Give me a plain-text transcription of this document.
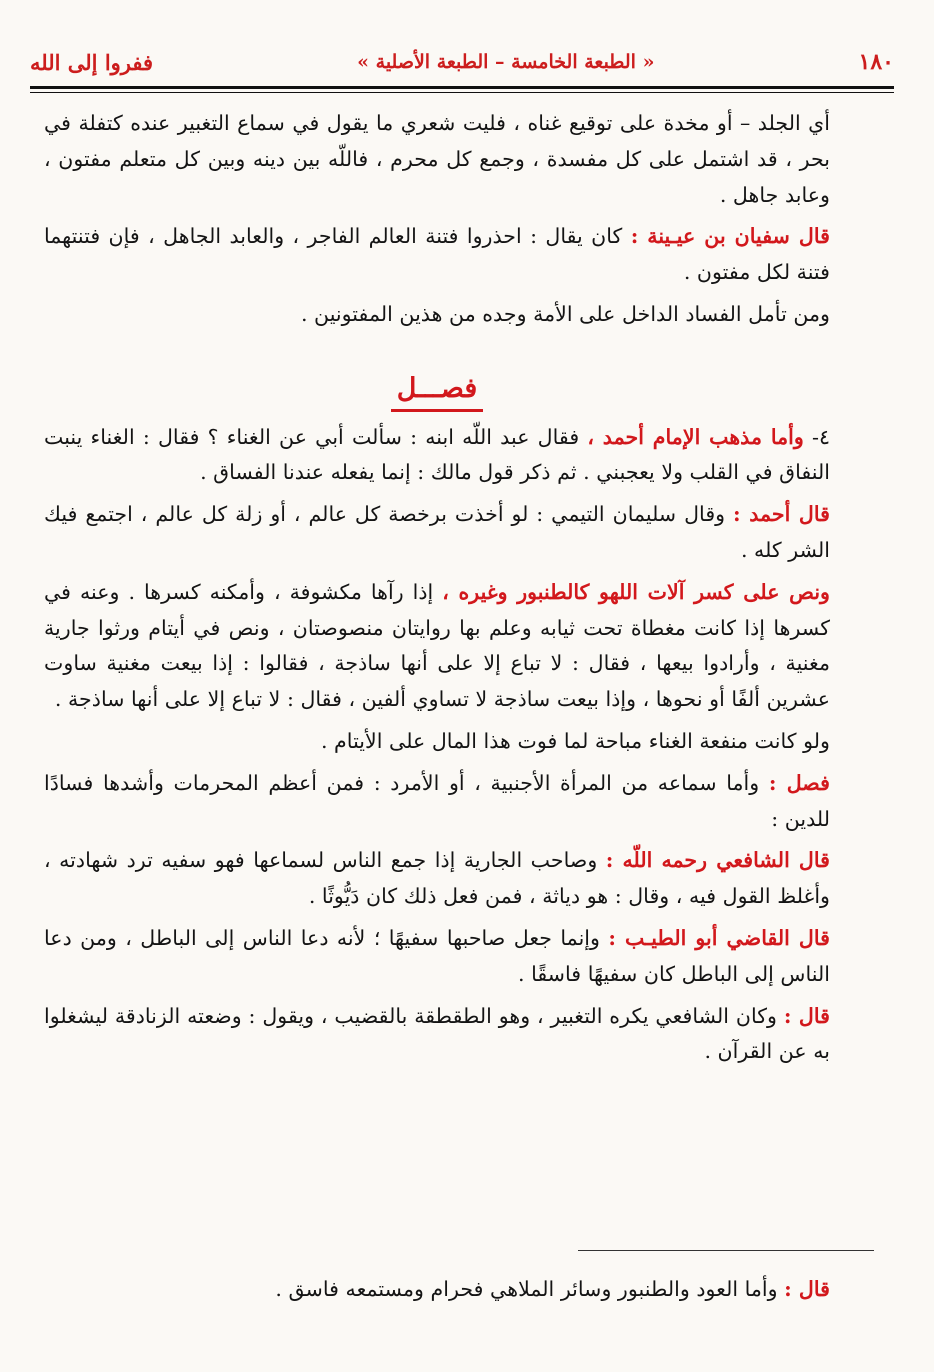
١٨٠
« الطبعة الخامسة – الطبعة الأصلية »
ففروا إلى الله

أي الجلد – أو مخدة على توقيع غناه ، فليت شعري ما يقول في سماع التغبير عنده كتفلة في بحر ، قد اشتمل على كل مفسدة ، وجمع كل محرم ، فاللّه بين دينه وبين كل متعلم مفتون ، وعابد جاهل .

قال سفيان بن عيـينة : كان يقال : احذروا فتنة العالم الفاجر ، والعابد الجاهل ، فإن فتنتهما فتنة لكل مفتون .

ومن تأمل الفساد الداخل على الأمة وجده من هذين المفتونين .

فصـــل

٤- وأما مذهب الإمام أحمد ، فقال عبد اللّه ابنه : سألت أبي عن الغناء ؟ فقال : الغناء ينبت النفاق في القلب ولا يعجبني . ثم ذكر قول مالك : إنما يفعله عندنا الفساق .

قال أحمد : وقال سليمان التيمي : لو أخذت برخصة كل عالم ، أو زلة كل عالم ، اجتمع فيك الشر كله .

ونص على كسر آلات اللهو كالطنبور وغيره ، إذا رآها مكشوفة ، وأمكنه كسرها . وعنه في كسرها إذا كانت مغطاة تحت ثيابه وعلم بها روايتان منصوصتان ، ونص في أيتام ورثوا جارية مغنية ، وأرادوا بيعها ، فقال : لا تباع إلا على أنها ساذجة ، فقالوا : إذا بيعت مغنية ساوت عشرين ألفًا أو نحوها ، وإذا بيعت ساذجة لا تساوي ألفين ، فقال : لا تباع إلا على أنها ساذجة .

ولو كانت منفعة الغناء مباحة لما فوت هذا المال على الأيتام .

فصل : وأما سماعه من المرأة الأجنبية ، أو الأمرد : فمن أعظم المحرمات وأشدها فسادًا للدين :

قال الشافعي رحمه اللّه : وصاحب الجارية إذا جمع الناس لسماعها فهو سفيه ترد شهادته ، وأغلظ القول فيه ، وقال : هو دياثة ، فمن فعل ذلك كان دَيُّوثًا .

قال القاضي أبو الطيـب : وإنما جعل صاحبها سفيهًا ؛ لأنه دعا الناس إلى الباطل ، ومن دعا الناس إلى الباطل كان سفيهًا فاسقًا .

قال : وكان الشافعي يكره التغبير ، وهو الطقطقة بالقضيب ، ويقول : وضعته الزنادقة ليشغلوا به عن القرآن .

قال : وأما العود والطنبور وسائر الملاهي فحرام ومستمعه فاسق .
